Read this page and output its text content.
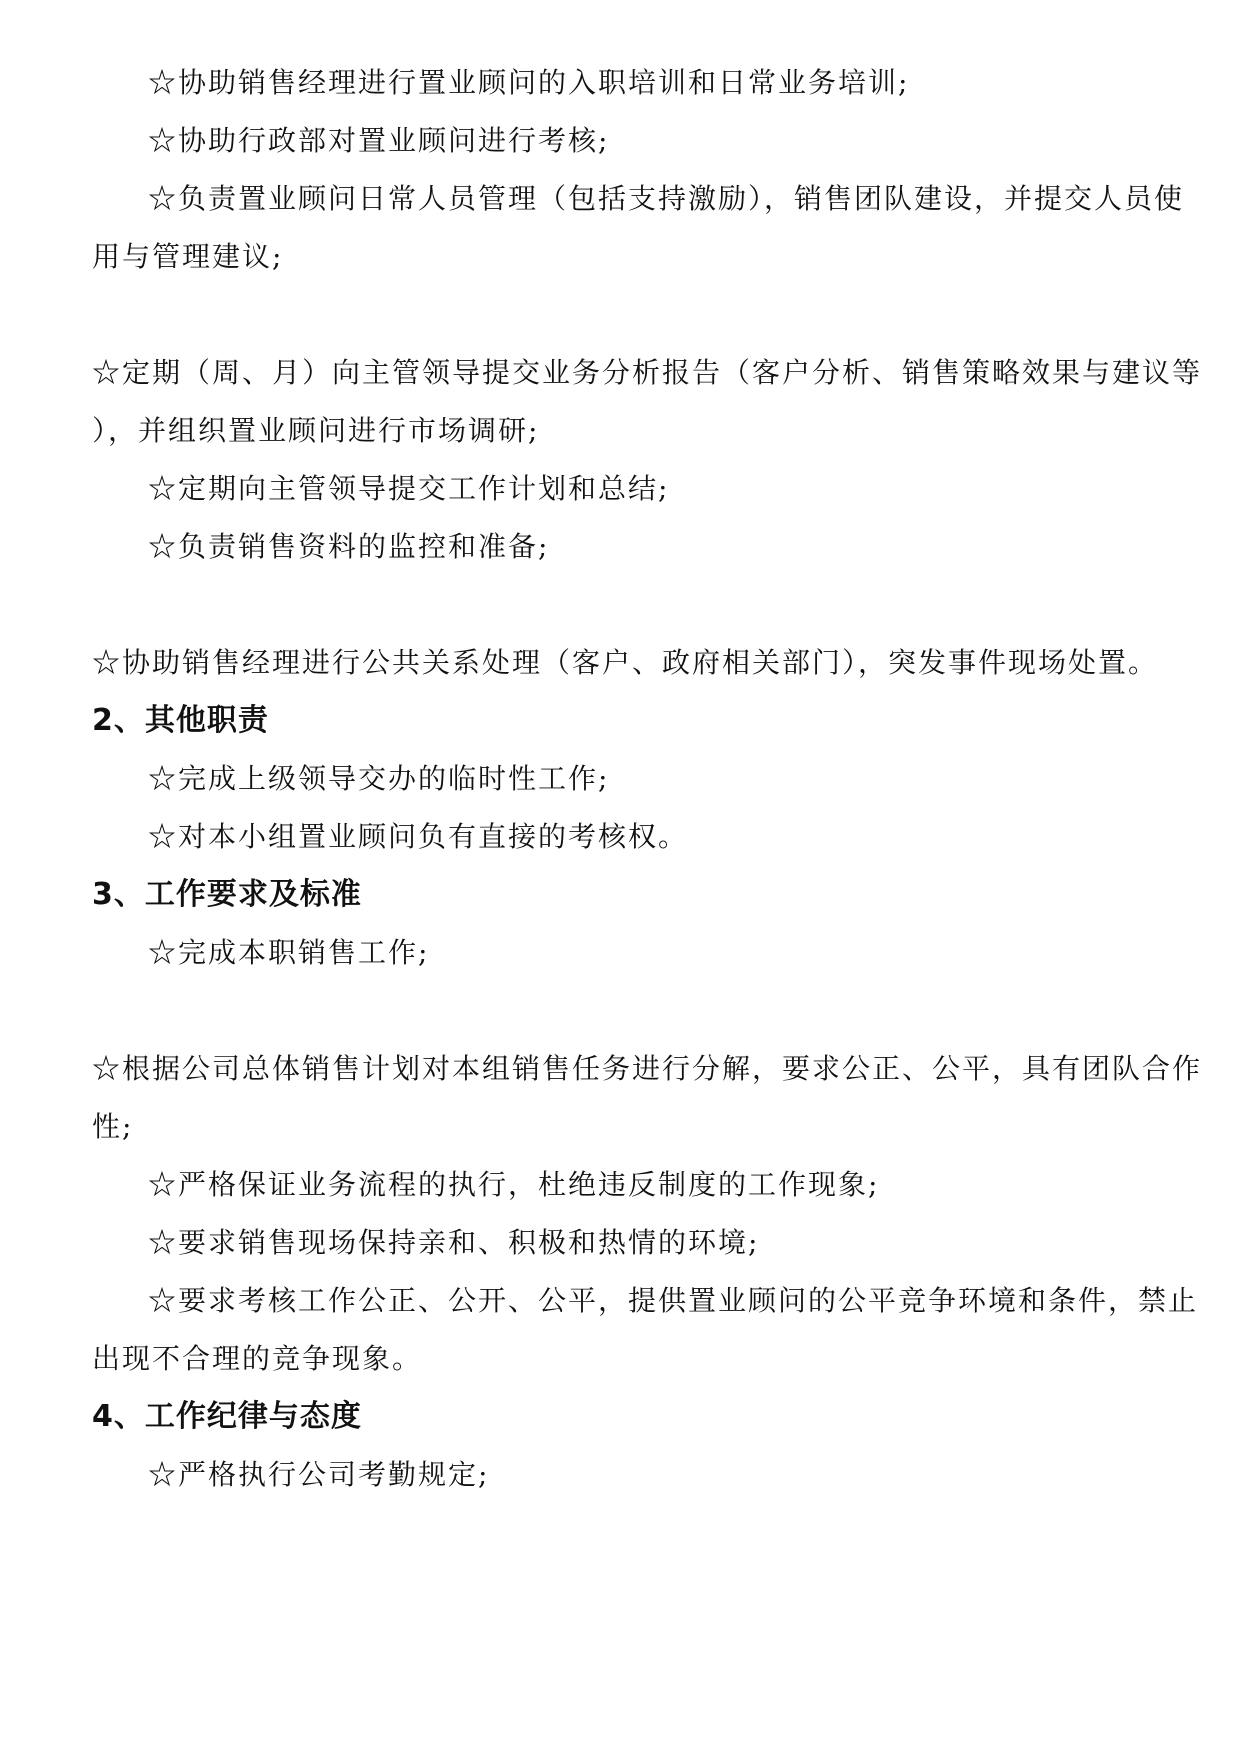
☆协助销售经理进行置业顾问的入职培训和日常业务培训;
☆协助行政部对置业顾问进行考核;
☆负责置业顾问日常人员管理（包括支持激励），销售团队建设，并提交人员使
用与管理建议;
☆定期（周、月）向主管领导提交业务分析报告（客户分析、销售策略效果与建议等
），并组织置业顾问进行市场调研;
☆定期向主管领导提交工作计划和总结;
☆负责销售资料的监控和准备;
☆协助销售经理进行公共关系处理（客户、政府相关部门），突发事件现场处置。
2、其他职责
☆完成上级领导交办的临时性工作;
☆对本小组置业顾问负有直接的考核权。
3、工作要求及标准
☆完成本职销售工作;
☆根据公司总体销售计划对本组销售任务进行分解，要求公正、公平，具有团队合作
性;
☆严格保证业务流程的执行，杜绝违反制度的工作现象;
☆要求销售现场保持亲和、积极和热情的环境;
☆要求考核工作公正、公开、公平，提供置业顾问的公平竞争环境和条件，禁止
出现不合理的竞争现象。
4、工作纪律与态度
☆严格执行公司考勤规定;
